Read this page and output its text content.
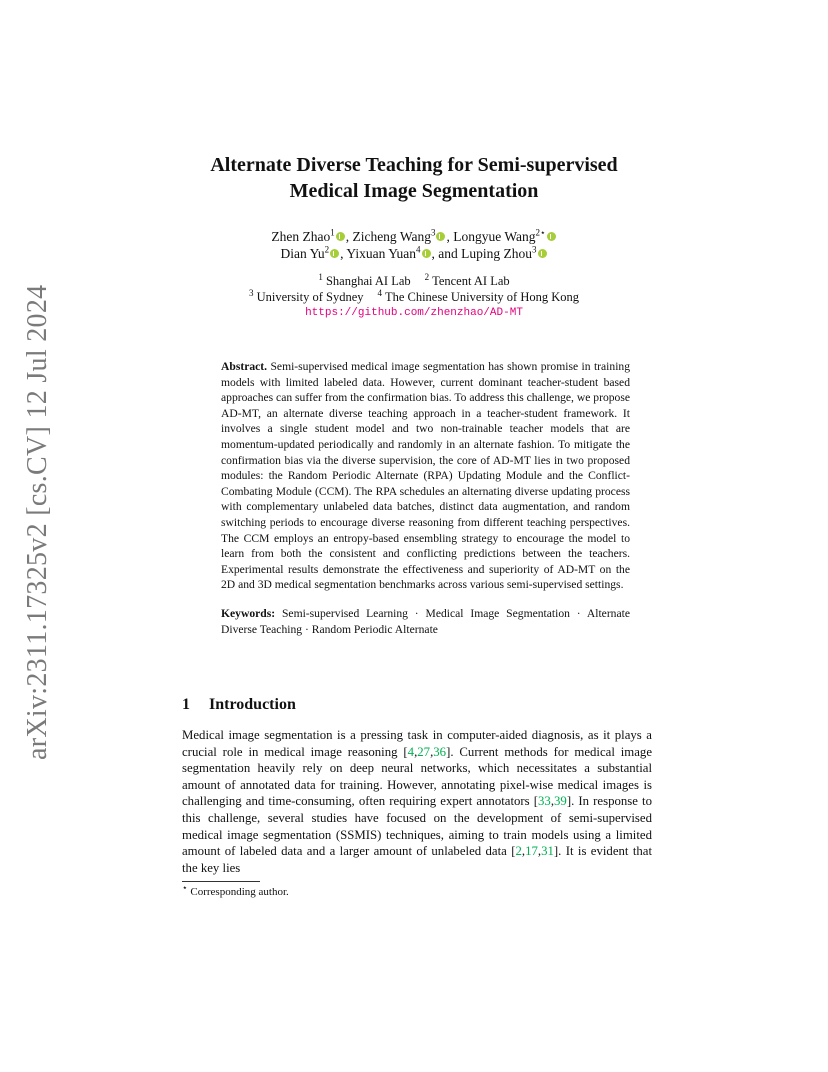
arXiv:2311.17325v2 [cs.CV] 12 Jul 2024
Alternate Diverse Teaching for Semi-supervised
Medical Image Segmentation
Zhen Zhao$^1$ , Zicheng Wang$^3$ , Longyue Wang$^{2⋆}$
Dian Yu$^2$ , Yixuan Yuan$^4$ , and Luping Zhou$^3$
$^1$ Shanghai AI Lab $^2$ Tencent AI Lab
$^3$ University of Sydney $^4$ The Chinese University of Hong Kong
https://github.com/zhenzhao/AD-MT

Abstract. Semi-supervised medical image segmentation has shown promise in training models with limited labeled data. However, current dominant teacher-student based approaches can suffer from the confirmation bias. To address this challenge, we propose AD-MT, an alternate diverse teaching approach in a teacher-student framework. It involves a single student model and two non-trainable teacher models that are momentum-updated periodically and randomly in an alternate fashion. To mitigate the confirmation bias via the diverse supervision, the core of AD-MT lies in two proposed modules: the Random Periodic Alternate (RPA) Updating Module and the Conflict-Combating Module (CCM). The RPA schedules an alternating diverse updating process with complementary unlabeled data batches, distinct data augmentation, and random switching periods to encourage diverse reasoning from different teaching perspectives. The CCM employs an entropy-based ensembling strategy to encourage the model to learn from both the consistent and conflicting predictions between the teachers. Experimental results demonstrate the effectiveness and superiority of AD-MT on the 2D and 3D medical segmentation benchmarks across various semi-supervised settings.

Keywords: Semi-supervised Learning · Medical Image Segmentation · Alternate Diverse Teaching · Random Periodic Alternate

1 Introduction

Medical image segmentation is a pressing task in computer-aided diagnosis, as it plays a crucial role in medical image reasoning [4,27,36]. Current methods for medical image segmentation heavily rely on deep neural networks, which necessitates a substantial amount of annotated data for training. However, annotating pixel-wise medical images is challenging and time-consuming, often requiring expert annotators [33,39]. In response to this challenge, several studies have focused on the development of semi-supervised medical image segmentation (SSMIS) techniques, aiming to train models using a limited amount of labeled data and a larger amount of unlabeled data [2,17,31]. It is evident that the key lies

⋆ Corresponding author.
